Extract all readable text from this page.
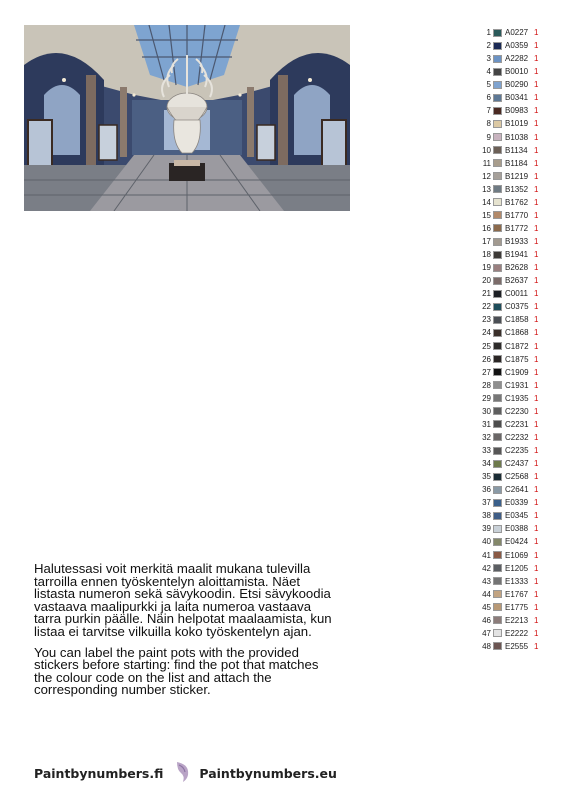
1 A0227 1
2 A0359 1
3 A2282 1
4 B0010 1
5 B0290 1
6 B0341 1
7 B0983 1
8 B1019 1
9 B1038 1
10 B1134 1
11 B1184 1
12 B1219 1
13 B1352 1
14 B1762 1
15 B1770 1
16 B1772 1
17 B1933 1
18 B1941 1
19 B2628 1
20 B2637 1
21 C0011 1
22 C0375 1
23 C1858 1
24 C1868 1
25 C1872 1
26 C1875 1
27 C1909 1
28 C1931 1
29 C1935 1
30 C2230 1
31 C2231 1
32 C2232 1
33 C2235 1
34 C2437 1
35 C2568 1
36 C2641 1
37 E0339 1
38 E0345 1
39 E0388 1
40 E0424 1
41 E1069 1
42 E1205 1
43 E1333 1
44 E1767 1
45 E1775 1
46 E2213 1
47 E2222 1
48 E2555 1

Halutessasi voit merkitä maalit mukana tulevilla tarroilla ennen työskentelyn aloittamista. Näet listasta numeron sekä sävykoodin. Etsi sävykoodia vastaava maalipurkki ja laita numeroa vastaava tarra purkin päälle. Näin helpotat maalaamista, kun listaa ei tarvitse vilkuilla koko työskentelyn ajan.

You can label the paint pots with the provided stickers before starting: find the pot that matches the colour code on the list and attach the corresponding number sticker.

Paintbynumbers.fi	Paintbynumbers.eu
